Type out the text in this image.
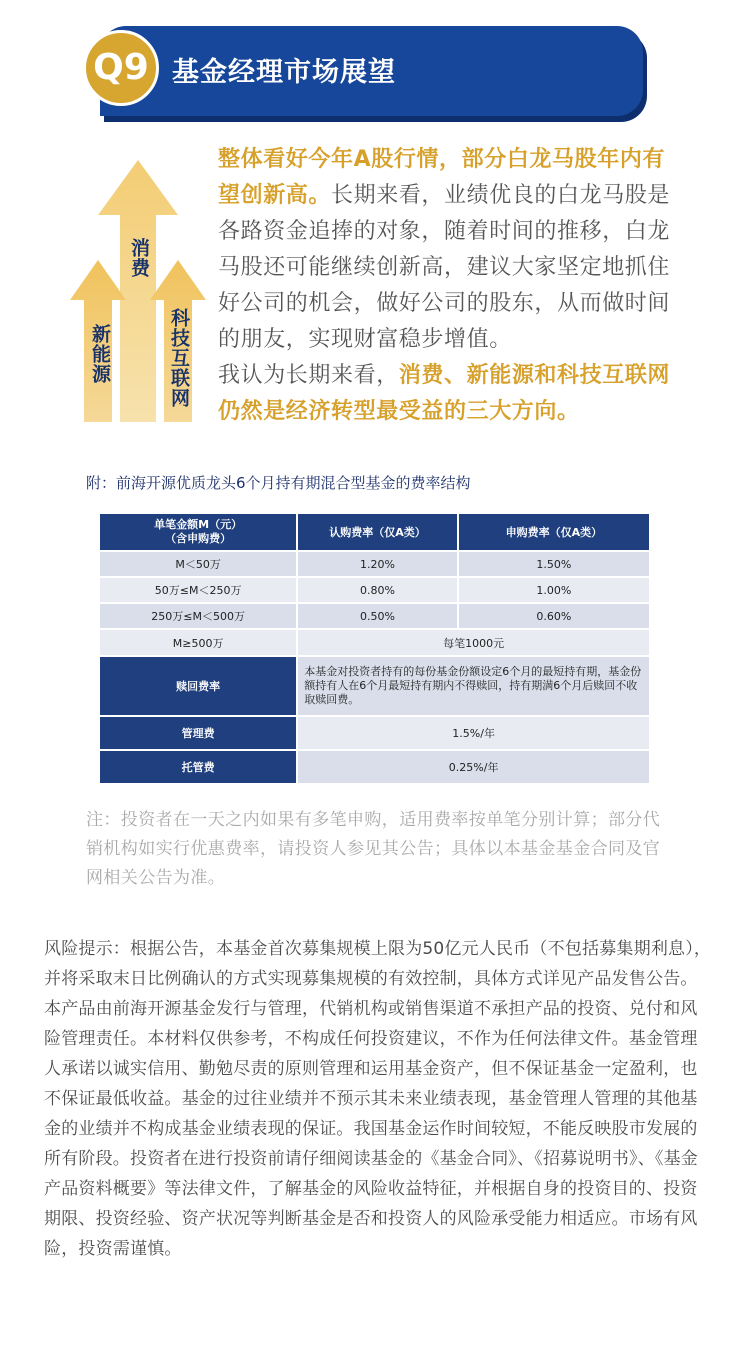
Q9 基金经理市场展望
消费
新能源	科技互联网
整体看好今年A股行情，部分白龙马股年内有望创新高。长期来看，业绩优良的白龙马股是各路资金追捧的对象，随着时间的推移，白龙马股还可能继续创新高，建议大家坚定地抓住好公司的机会，做好公司的股东，从而做时间的朋友，实现财富稳步增值。
我认为长期来看，消费、新能源和科技互联网仍然是经济转型最受益的三大方向。
附：前海开源优质龙头6个月持有期混合型基金的费率结构
单笔金额M（元）
（含申购费）	认购费率（仅A类）	申购费率（仅A类）
M＜50万	1.20%	1.50%
50万≤M＜250万	0.80%	1.00%
250万≤M＜500万	0.50%	0.60%
M≥500万	每笔1000元	
赎回费率	本基金对投资者持有的每份基金份额设定6个月的最短持有期，基金份额持有人在6个月最短持有期内不得赎回，持有期满6个月后赎回不收取赎回费。	
管理费	1.5%/年	
托管费	0.25%/年	
注：投资者在一天之内如果有多笔申购，适用费率按单笔分别计算；部分代销机构如实行优惠费率，请投资人参见其公告；具体以本基金基金合同及官网相关公告为准。
风险提示：根据公告，本基金首次募集规模上限为50亿元人民币（不包括募集期利息），并将采取末日比例确认的方式实现募集规模的有效控制，具体方式详见产品发售公告。本产品由前海开源基金发行与管理，代销机构或销售渠道不承担产品的投资、兑付和风险管理责任。本材料仅供参考，不构成任何投资建议，不作为任何法律文件。基金管理人承诺以诚实信用、勤勉尽责的原则管理和运用基金资产，但不保证基金一定盈利，也不保证最低收益。基金的过往业绩并不预示其未来业绩表现，基金管理人管理的其他基金的业绩并不构成基金业绩表现的保证。我国基金运作时间较短，不能反映股市发展的所有阶段。投资者在进行投资前请仔细阅读基金的《基金合同》、《招募说明书》、《基金产品资料概要》等法律文件，了解基金的风险收益特征，并根据自身的投资目的、投资期限、投资经验、资产状况等判断基金是否和投资人的风险承受能力相适应。市场有风险，投资需谨慎。
